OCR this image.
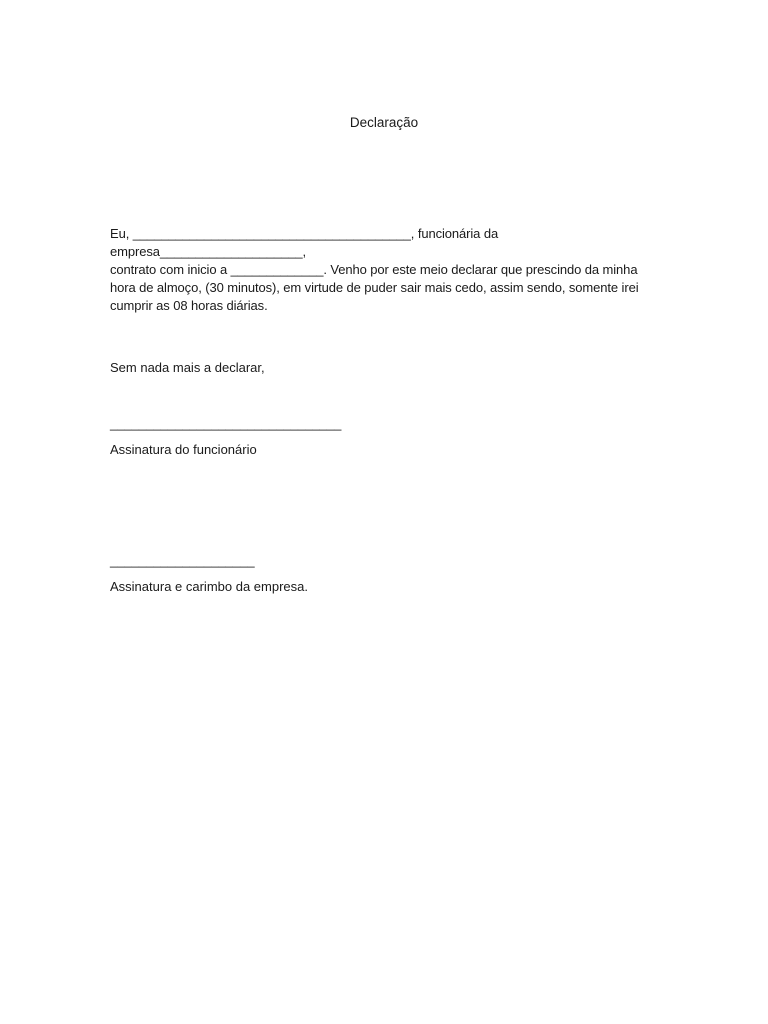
Declaração

Eu, _______________________________________, funcionária da empresa____________________,
contrato com inicio a _____________. Venho por este meio declarar que prescindo da minha
hora de almoço, (30 minutos), em virtude de puder sair mais cedo, assim sendo, somente irei
cumprir as 08 horas diárias.

Sem nada mais a declarar,

________________________________

Assinatura do funcionário

____________________

Assinatura e carimbo da empresa.
